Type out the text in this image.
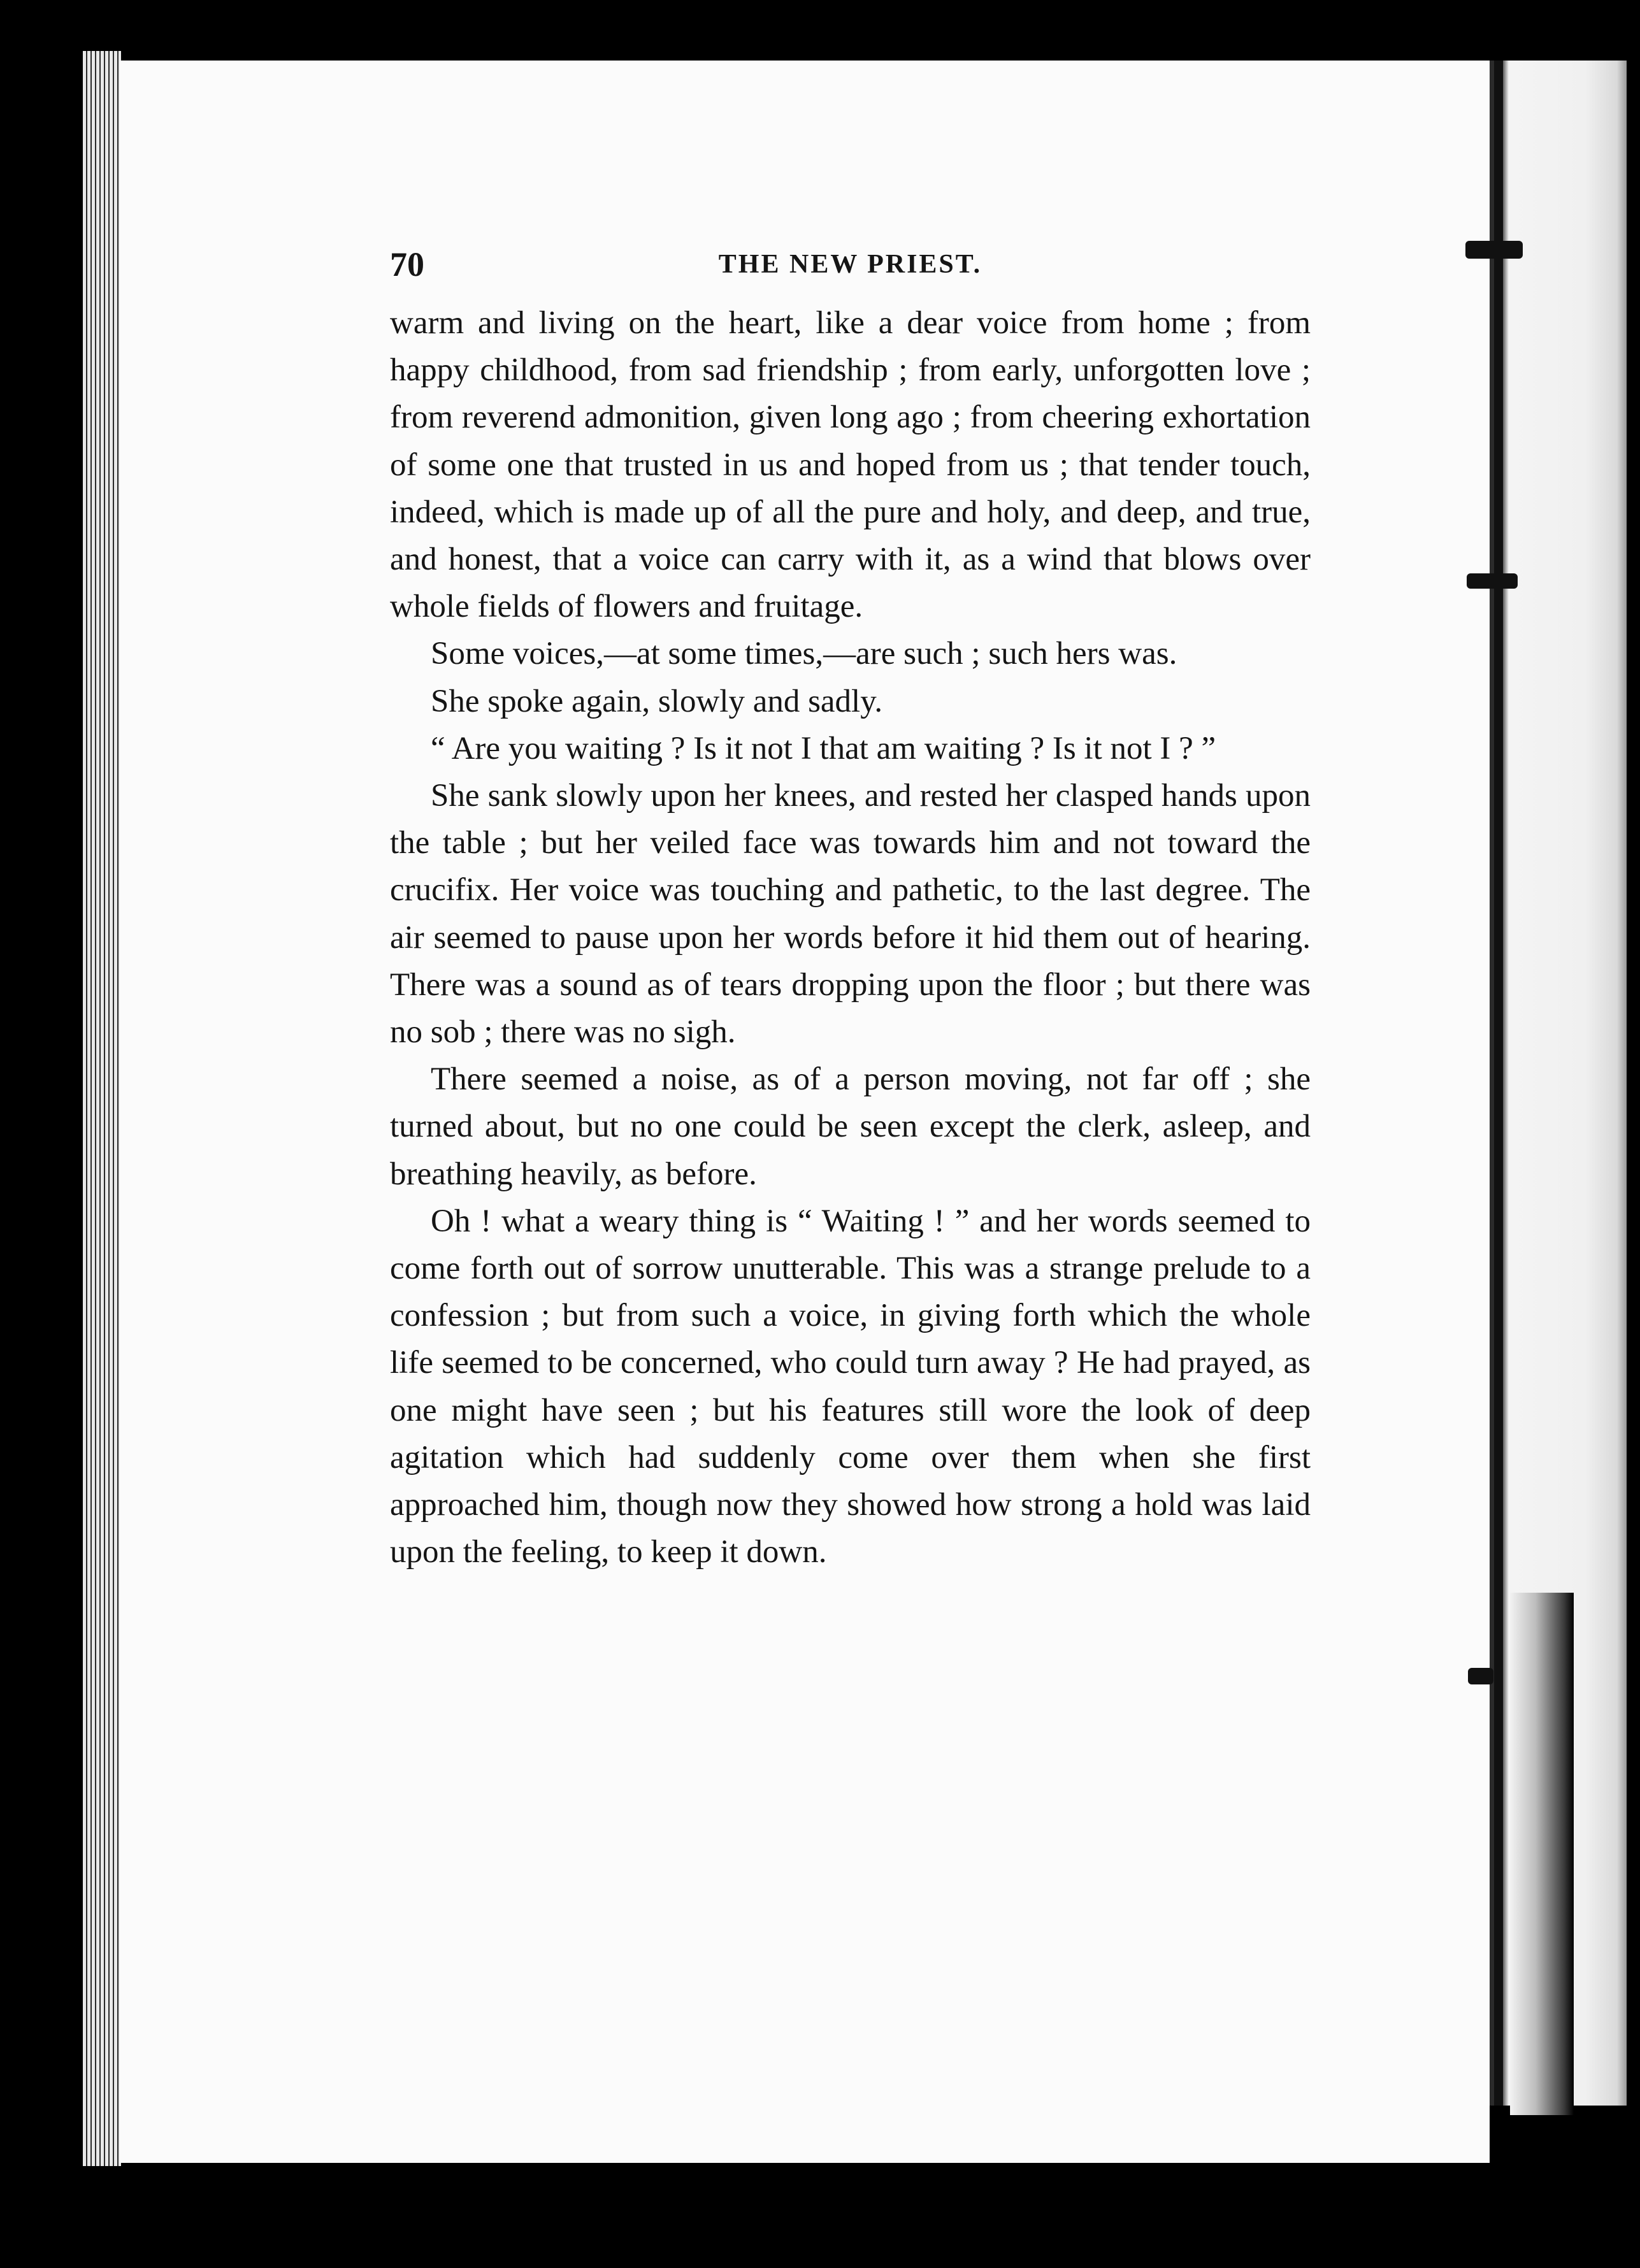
70	THE NEW PRIEST.

warm and living on the heart, like a dear voice from home ; from happy childhood, from sad friendship ; from early, unforgotten love ; from reverend admonition, given long ago ; from cheering exhortation of some one that trusted in us and hoped from us ; that tender touch, indeed, which is made up of all the pure and holy, and deep, and true, and honest, that a voice can carry with it, as a wind that blows over whole fields of flowers and fruitage.

Some voices,—at some times,—are such ; such hers was.

She spoke again, slowly and sadly.

“ Are you waiting ? Is it not I that am waiting ? Is it not I ? ”

She sank slowly upon her knees, and rested her clasped hands upon the table ; but her veiled face was towards him and not toward the crucifix. Her voice was touching and pathetic, to the last degree. The air seemed to pause upon her words before it hid them out of hearing. There was a sound as of tears dropping upon the floor ; but there was no sob ; there was no sigh.

There seemed a noise, as of a person moving, not far off ; she turned about, but no one could be seen except the clerk, asleep, and breathing heavily, as before.

Oh ! what a weary thing is “ Waiting ! ” and her words seemed to come forth out of sorrow unutterable. This was a strange prelude to a confession ; but from such a voice, in giving forth which the whole life seemed to be concerned, who could turn away ? He had prayed, as one might have seen ; but his features still wore the look of deep agitation which had suddenly come over them when she first approached him, though now they showed how strong a hold was laid upon the feeling, to keep it down.
